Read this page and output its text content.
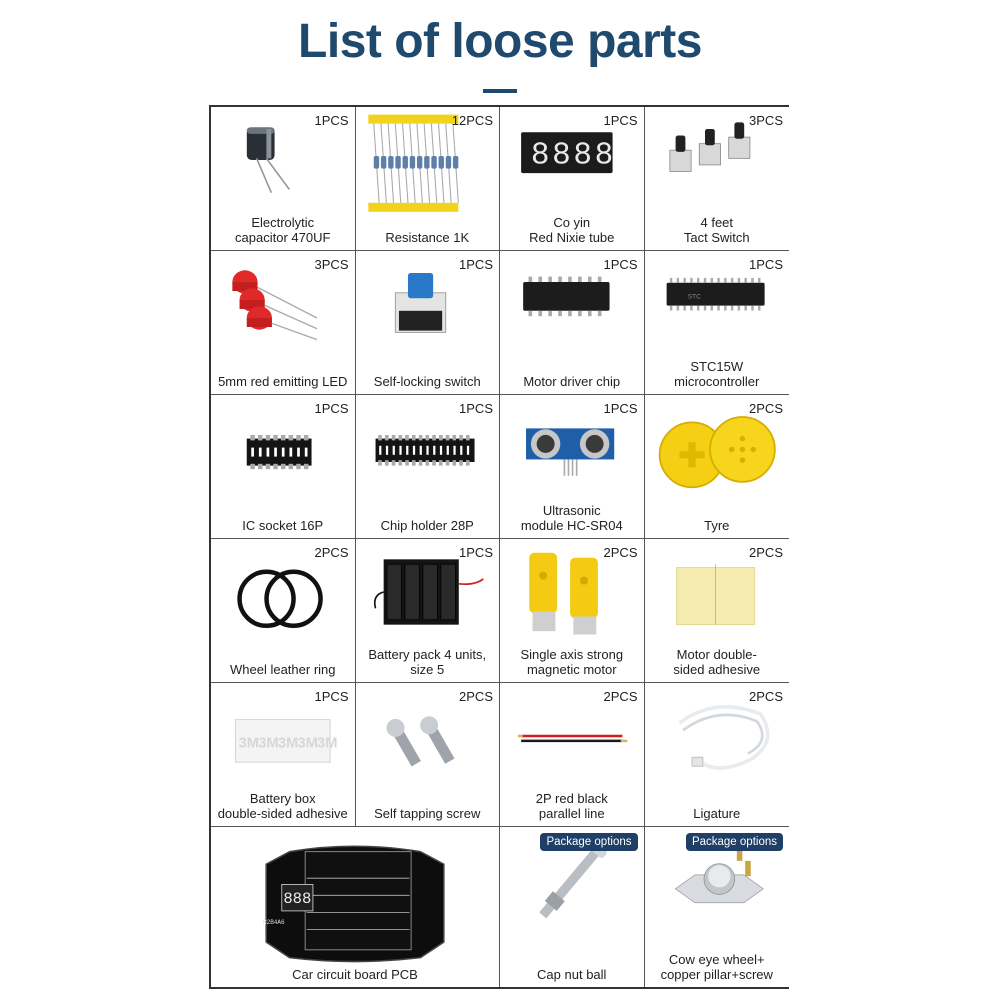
List of loose parts
1PCS
Electrolytic
capacitor 470UF
12PCS
Resistance 1K
8 8 8 8
1PCS
Co yin
Red Nixie tube
3PCS
4 feet
Tact Switch
3PCS
5mm red emitting LED
1PCS
Self-locking switch
1PCS
Motor driver chip
STC
1PCS
STC15W
microcontroller
1PCS
IC socket 16P
1PCS
Chip holder 28P
1PCS
Ultrasonic
module HC-SR04
2PCS
Tyre
2PCS
Wheel leather ring
1PCS
Battery pack 4 units,
size 5
2PCS
Single axis strong
magnetic motor
2PCS
Motor double-
sided adhesive
3M 3M 3M 3M 3M
1PCS
Battery box
double-sided adhesive
2PCS
Self tapping screw
2PCS
2P red black
parallel line
2PCS
Ligature
8 8 8
R2B4A6
Car circuit board PCB
Package options
Cap nut ball
Package options
Cow eye wheel+
copper pillar+screw
